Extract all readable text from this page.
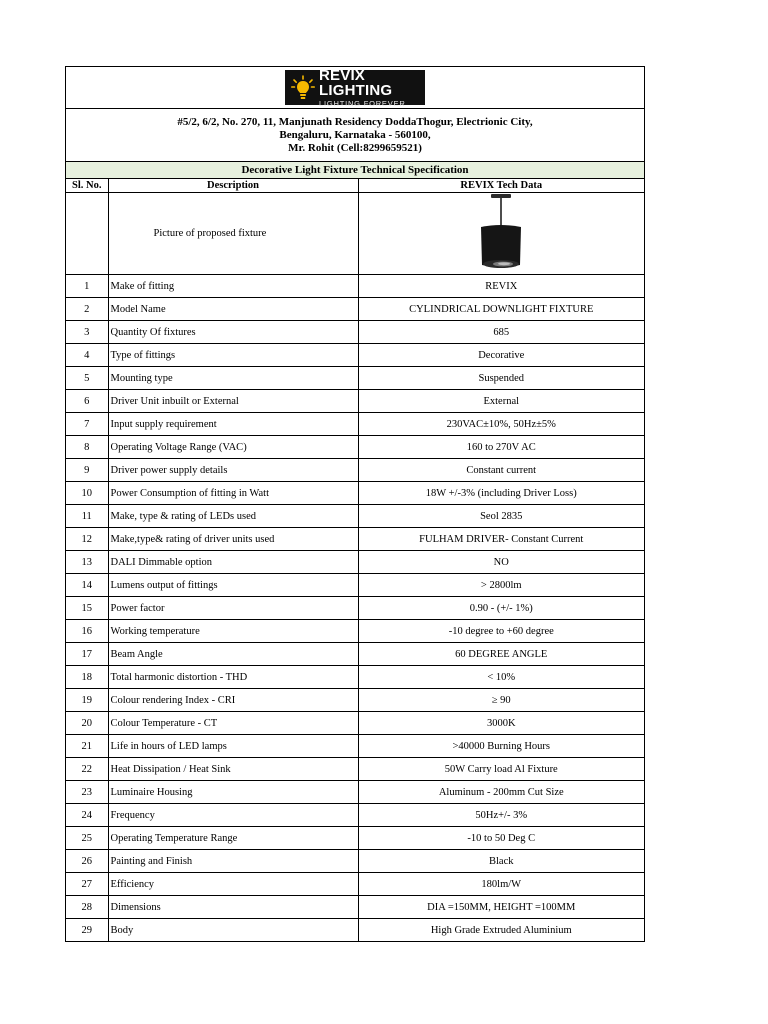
REVIX LIGHTING
LIGHTING FOREVER
#5/2, 6/2, No. 270, 11, Manjunath Residency DoddaThogur, Electrionic City,
Bengaluru, Karnataka - 560100,
Mr. Rohit (Cell:8299659521)
Decorative Light Fixture Technical Specification
Sl. No.	Description	REVIX Tech Data
	Picture of proposed fixture	
1	Make of fitting	REVIX
2	Model Name	CYLINDRICAL DOWNLIGHT FIXTURE
3	Quantity Of fixtures	685
4	Type of fittings	Decorative
5	Mounting type	Suspended
6	Driver Unit inbuilt or External	External
7	Input supply requirement	230VAC±10%, 50Hz±5%
8	Operating Voltage Range (VAC)	160 to 270V AC
9	Driver power supply details	Constant current
10	Power Consumption of fitting in Watt	18W +/-3% (including Driver Loss)
11	Make, type & rating of LEDs used	Seol 2835
12	Make,type& rating of driver units used	FULHAM DRIVER- Constant Current
13	DALI Dimmable option	NO
14	Lumens output of fittings	> 2800lm
15	Power factor	0.90 - (+/- 1%)
16	Working temperature	-10 degree to +60 degree
17	Beam Angle	60 DEGREE ANGLE
18	Total harmonic distortion - THD	< 10%
19	Colour rendering Index - CRI	≥ 90
20	Colour Temperature - CT	3000K
21	Life in hours of LED lamps	>40000 Burning Hours
22	Heat Dissipation / Heat Sink	50W Carry load Al Fixture
23	Luminaire Housing	Aluminum - 200mm Cut Size
24	Frequency	50Hz+/- 3%
25	Operating Temperature Range	-10 to 50 Deg C
26	Painting and Finish	Black
27	Efficiency	180lm/W
28	Dimensions	DIA =150MM, HEIGHT =100MM
29	Body	High Grade Extruded Aluminium
